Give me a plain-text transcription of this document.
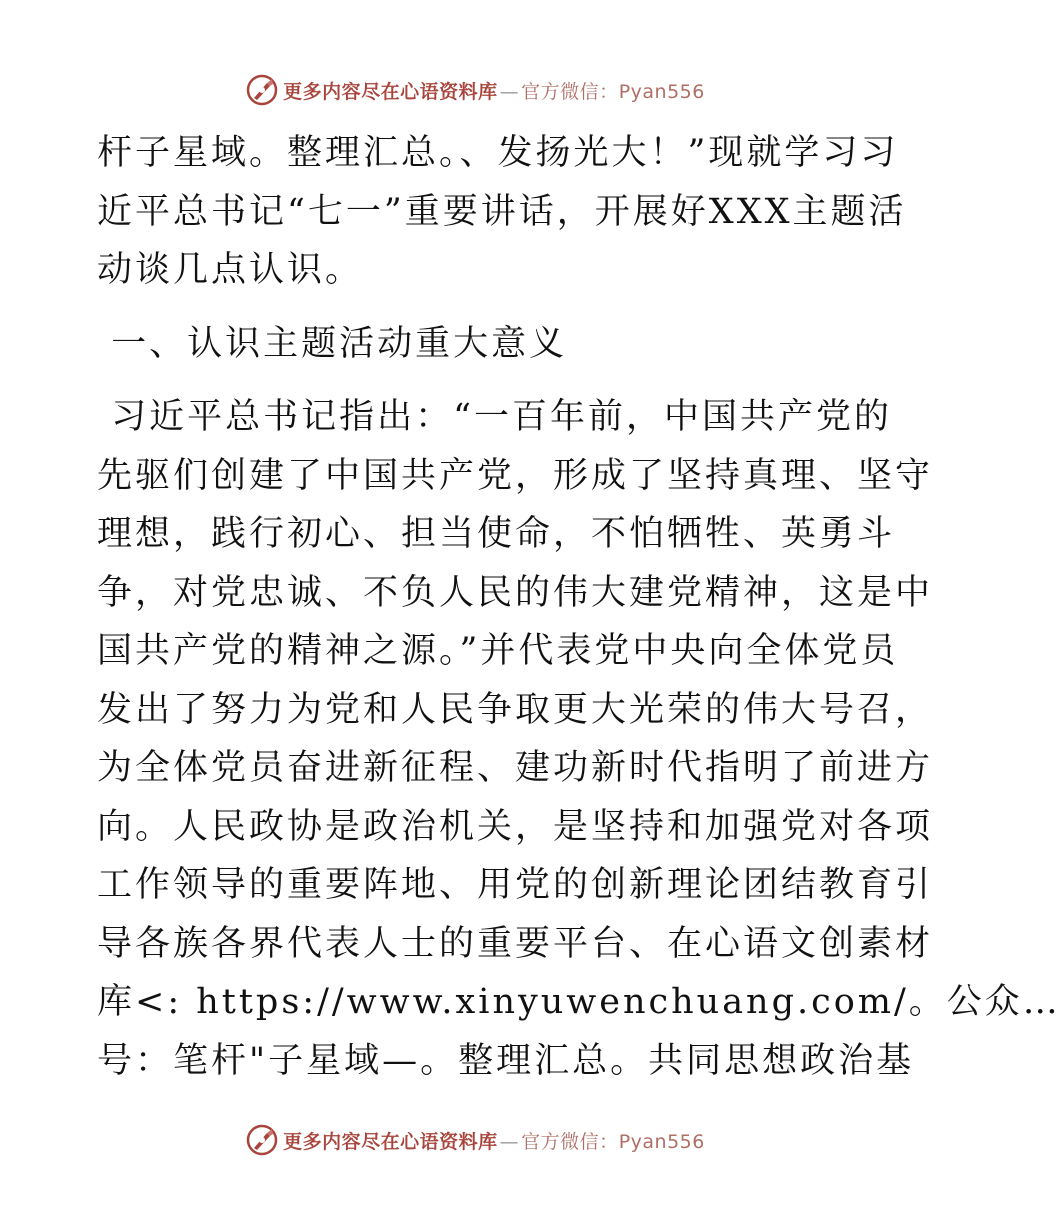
更多内容尽在心语资料库 — 官方微信：Pyan556
杆子星域。整理汇总。、发扬光大！”现就学习习
近平总书记“七一”重要讲话，开展好XXX主题活
动谈几点认识。
一、认识主题活动重大意义
习近平总书记指出：“一百年前，中国共产党的
先驱们创建了中国共产党，形成了坚持真理、坚守
理想，践行初心、担当使命，不怕牺牲、英勇斗
争，对党忠诚、不负人民的伟大建党精神，这是中
国共产党的精神之源。”并代表党中央向全体党员
发出了努力为党和人民争取更大光荣的伟大号召，
为全体党员奋进新征程、建功新时代指明了前进方
向。人民政协是政治机关，是坚持和加强党对各项
工作领导的重要阵地、用党的创新理论团结教育引
导各族各界代表人士的重要平台、在心语文创素材
库<: https://www.xinyuwenchuang.com/。公众…
号：笔杆"子星域—。整理汇总。共同思想政治基
更多内容尽在心语资料库 — 官方微信：Pyan556
